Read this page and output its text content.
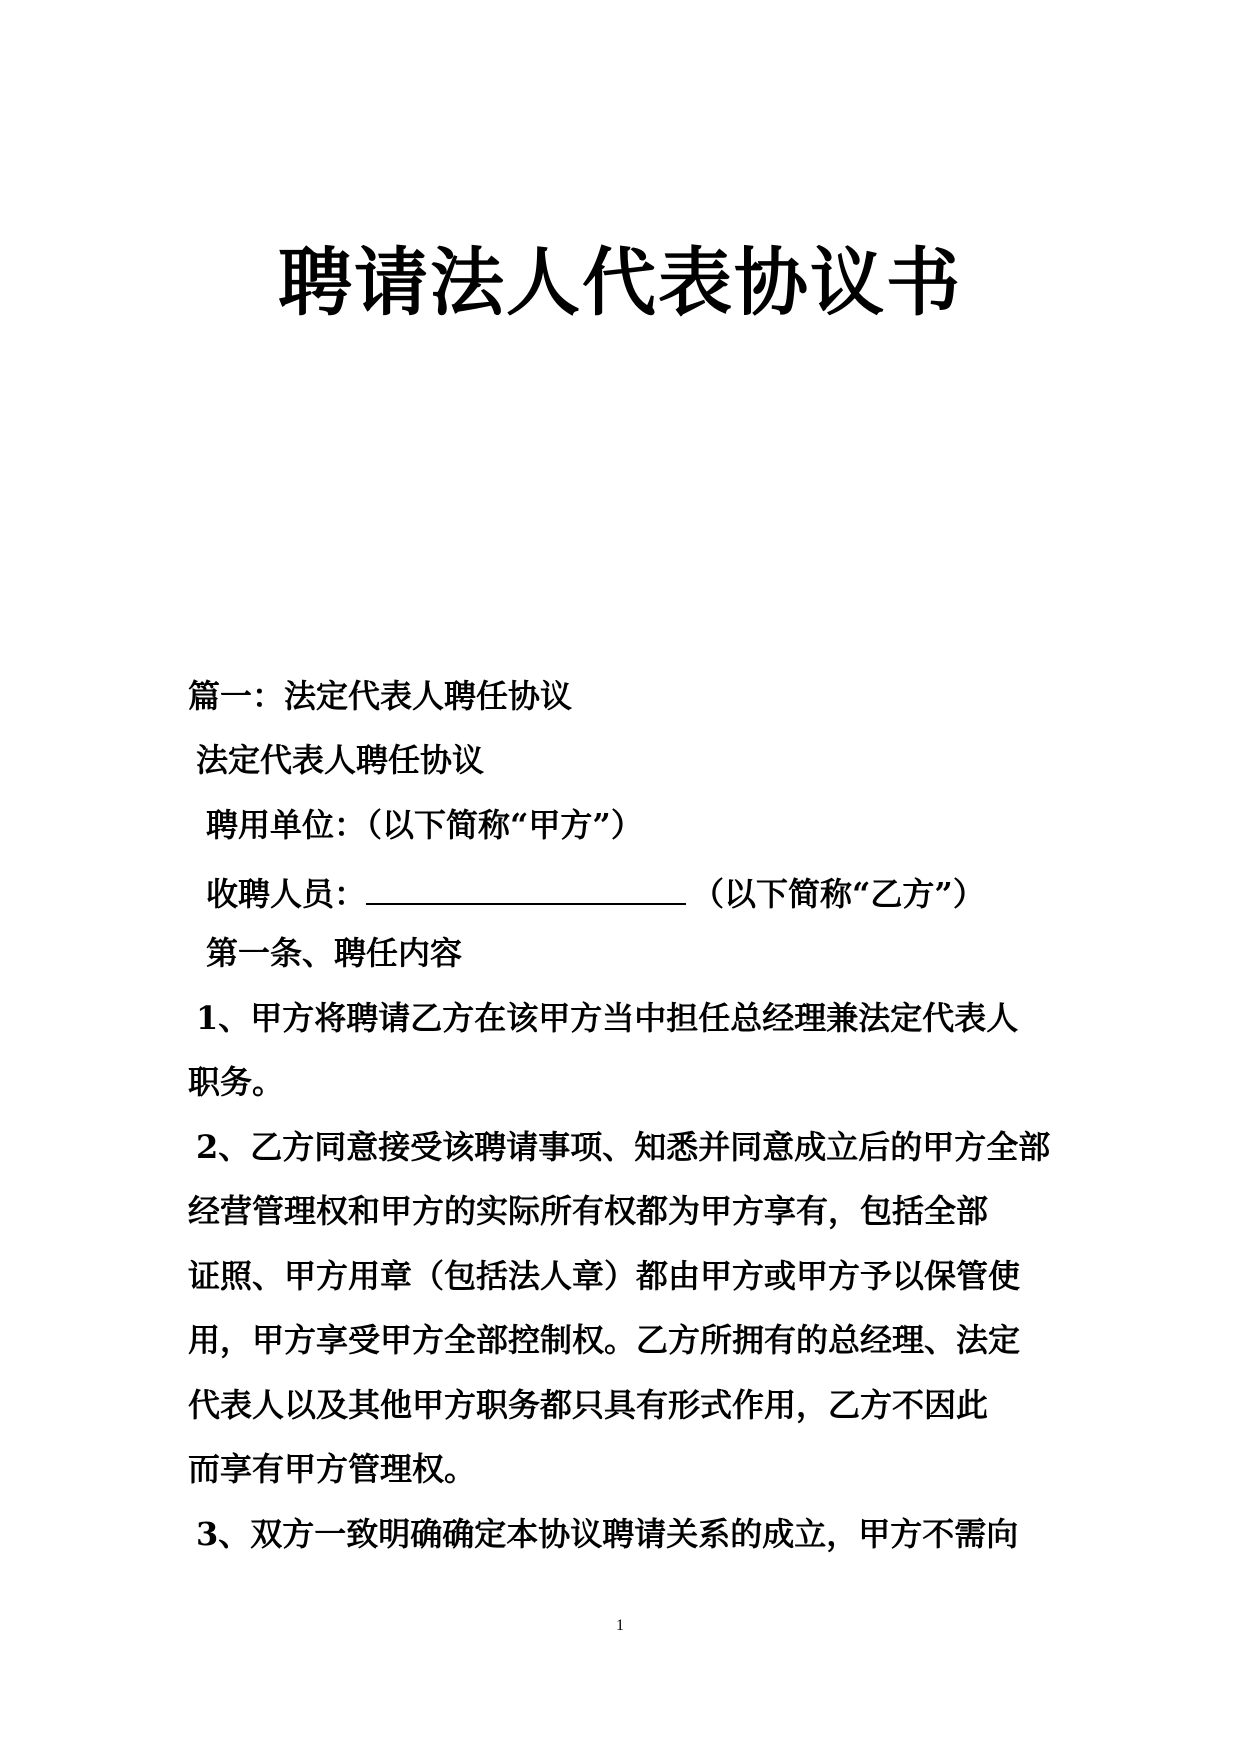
聘请法人代表协议书
篇一：法定代表人聘任协议
法定代表人聘任协议
聘用单位：（以下简称“甲方”）
收聘人员：	（以下简称“乙方”）
第一条、聘任内容
1、甲方将聘请乙方在该甲方当中担任总经理兼法定代表人
职务。
2、乙方同意接受该聘请事项、知悉并同意成立后的甲方全部
经营管理权和甲方的实际所有权都为甲方享有，包括全部
证照、甲方用章（包括法人章）都由甲方或甲方予以保管使
用，甲方享受甲方全部控制权。乙方所拥有的总经理、法定
代表人以及其他甲方职务都只具有形式作用，乙方不因此
而享有甲方管理权。
3、双方一致明确确定本协议聘请关系的成立，甲方不需向
1
